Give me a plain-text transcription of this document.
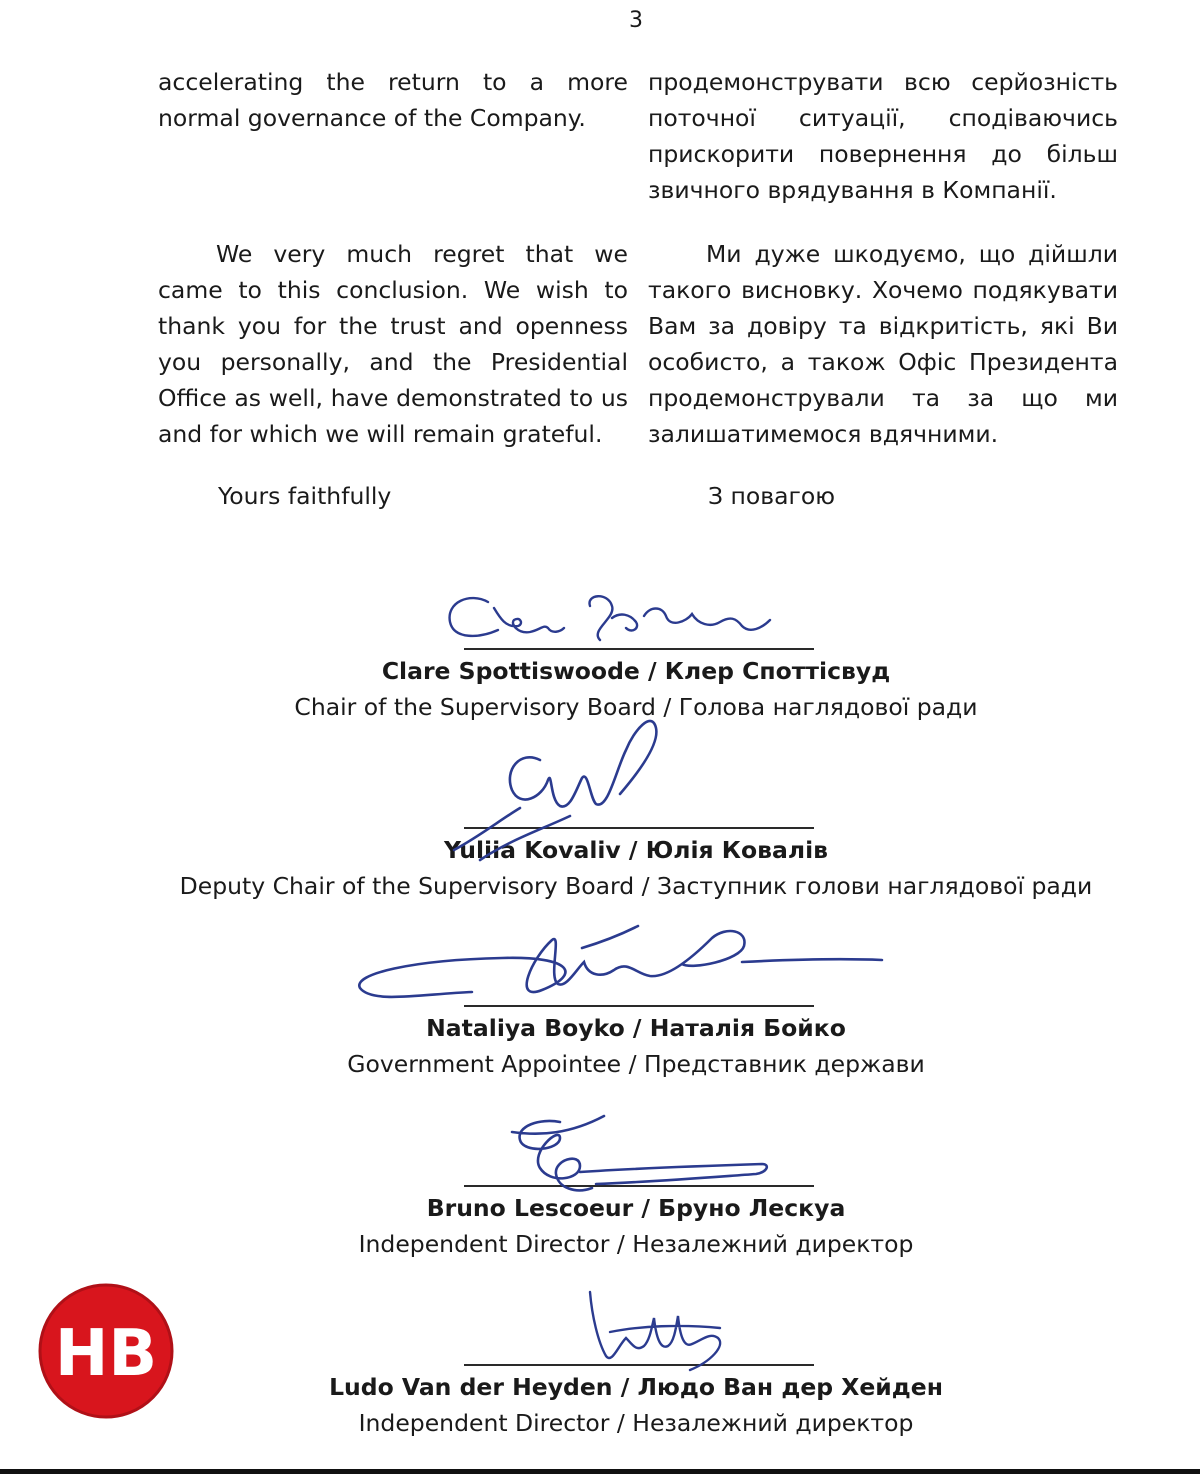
3

accelerating the return to a more normal governance of the Company.

We very much regret that we came to this conclusion. We wish to thank you for the trust and openness you personally, and the Presidential Office as well, have demonstrated to us and for which we will remain grateful.

Yours faithfully

продемонструвати всю серйозність поточної ситуації, сподіваючись прискорити повернення до більш звичного врядування в Компанії.

Ми дуже шкодуємо, що дійшли такого висновку. Хочемо подякувати Вам за довіру та відкритість, які Ви особисто, а також Офіс Президента продемонстрували та за що ми залишатимемося вдячними.

З повагою
Clare Spottiswoode / Клер Споттісвуд
Chair of the Supervisory Board / Голова наглядової ради
Yuliia Kovaliv / Юлія Ковалів
Deputy Chair of the Supervisory Board / Заступник голови наглядової ради
Nataliya Boyko / Наталія Бойко
Government Appointee / Представник держави
Bruno Lescoeur / Бруно Лескуа
Independent Director / Незалежний директор
Ludo Van der Heyden / Людо Ван дер Хейден
Independent Director / Незалежний директор
НВ
